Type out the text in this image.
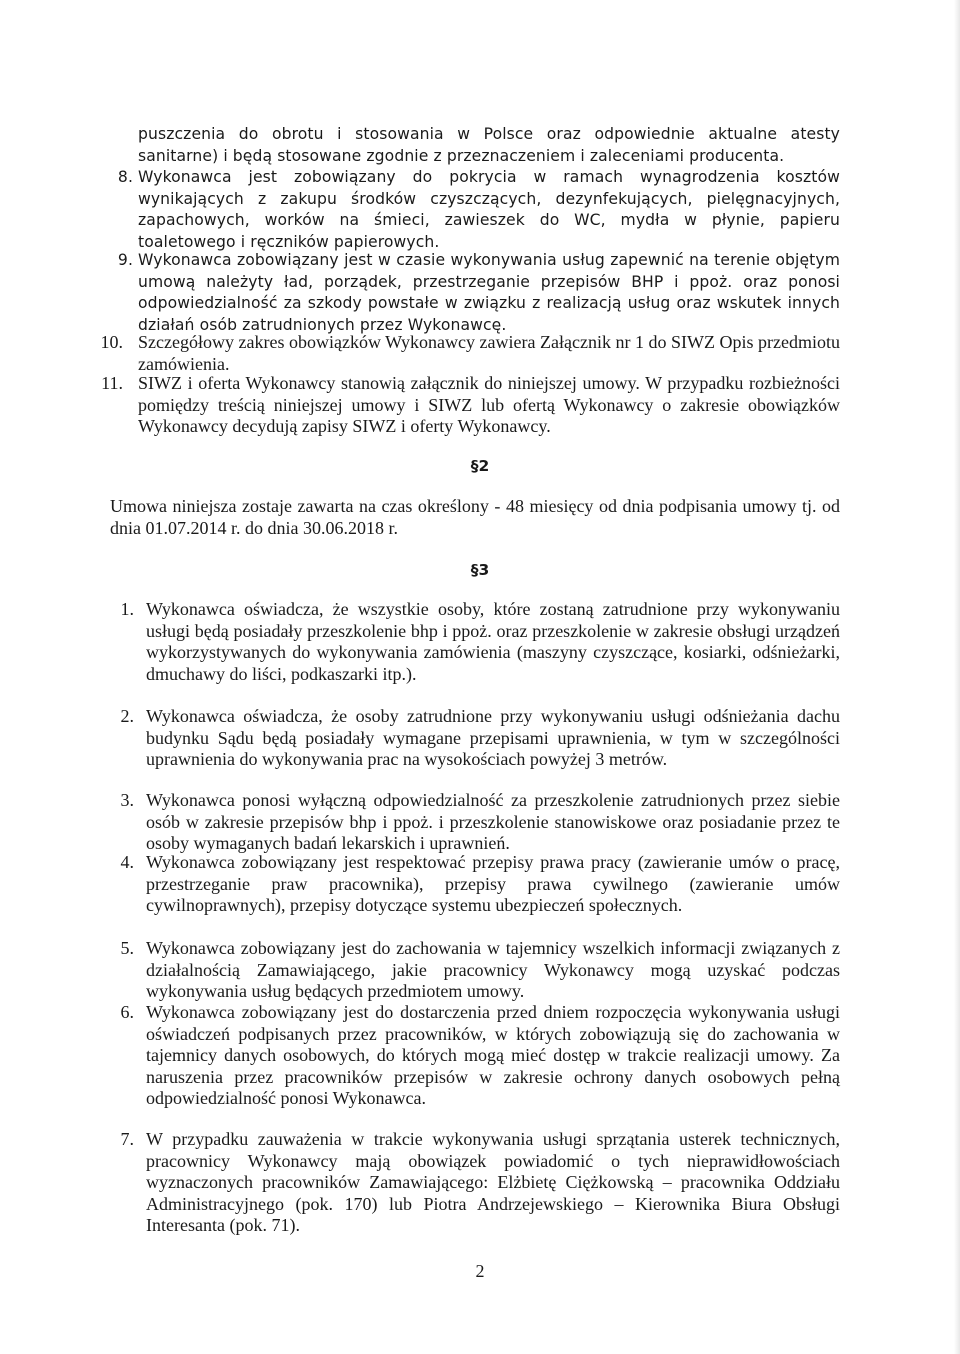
puszczenia do obrotu i stosowania w Polsce oraz odpowiednie aktualne atesty sanitarne) i będą stosowane zgodnie z przeznaczeniem i zaleceniami producenta.
8. Wykonawca jest zobowiązany do pokrycia w ramach wynagrodzenia kosztów wynikających z zakupu środków czyszczących, dezynfekujących, pielęgnacyjnych, zapachowych, worków na śmieci, zawieszek do WC, mydła w płynie, papieru toaletowego i ręczników papierowych.
9. Wykonawca zobowiązany jest w czasie wykonywania usług zapewnić na terenie objętym umową należyty ład, porządek, przestrzeganie przepisów BHP i ppoż. oraz ponosi odpowiedzialność za szkody powstałe w związku z realizacją usług oraz wskutek innych działań osób zatrudnionych przez Wykonawcę.
10. Szczegółowy zakres obowiązków Wykonawcy zawiera Załącznik nr 1 do SIWZ Opis przedmiotu zamówienia.
11. SIWZ i oferta Wykonawcy stanowią załącznik do niniejszej umowy. W przypadku rozbieżności pomiędzy treścią niniejszej umowy i SIWZ lub ofertą Wykonawcy o zakresie obowiązków Wykonawcy decydują zapisy SIWZ i oferty Wykonawcy.
§2
Umowa niniejsza zostaje zawarta na czas określony - 48 miesięcy od dnia podpisania umowy tj. od dnia 01.07.2014 r. do dnia 30.06.2018 r.
§3
1. Wykonawca oświadcza, że wszystkie osoby, które zostaną zatrudnione przy wykonywaniu usługi będą posiadały przeszkolenie bhp i ppoż. oraz przeszkolenie w zakresie obsługi urządzeń wykorzystywanych do wykonywania zamówienia (maszyny czyszczące, kosiarki, odśnieżarki, dmuchawy do liści, podkaszarki itp.).
2. Wykonawca oświadcza, że osoby zatrudnione przy wykonywaniu usługi odśnieżania dachu budynku Sądu będą posiadały wymagane przepisami uprawnienia, w tym w szczególności uprawnienia do wykonywania prac na wysokościach powyżej 3 metrów.
3. Wykonawca ponosi wyłączną odpowiedzialność za przeszkolenie zatrudnionych przez siebie osób w zakresie przepisów bhp i ppoż. i przeszkolenie stanowiskowe oraz posiadanie przez te osoby wymaganych badań lekarskich i uprawnień.
4. Wykonawca zobowiązany jest respektować przepisy prawa pracy (zawieranie umów o pracę, przestrzeganie praw pracownika), przepisy prawa cywilnego (zawieranie umów cywilnoprawnych), przepisy dotyczące systemu ubezpieczeń społecznych.
5. Wykonawca zobowiązany jest do zachowania w tajemnicy wszelkich informacji związanych z działalnością Zamawiającego, jakie pracownicy Wykonawcy mogą uzyskać podczas wykonywania usług będących przedmiotem umowy.
6. Wykonawca zobowiązany jest do dostarczenia przed dniem rozpoczęcia wykonywania usługi oświadczeń podpisanych przez pracowników, w których zobowiązują się do zachowania w tajemnicy danych osobowych, do których mogą mieć dostęp w trakcie realizacji umowy. Za naruszenia przez pracowników przepisów w zakresie ochrony danych osobowych pełną odpowiedzialność ponosi Wykonawca.
7. W przypadku zauważenia w trakcie wykonywania usługi sprzątania usterek technicznych, pracownicy Wykonawcy mają obowiązek powiadomić o tych nieprawidłowościach wyznaczonych pracowników Zamawiającego: Elżbietę Ciężkowską – pracownika Oddziału Administracyjnego (pok. 170) lub Piotra Andrzejewskiego – Kierownika Biura Obsługi Interesanta (pok. 71).
2
